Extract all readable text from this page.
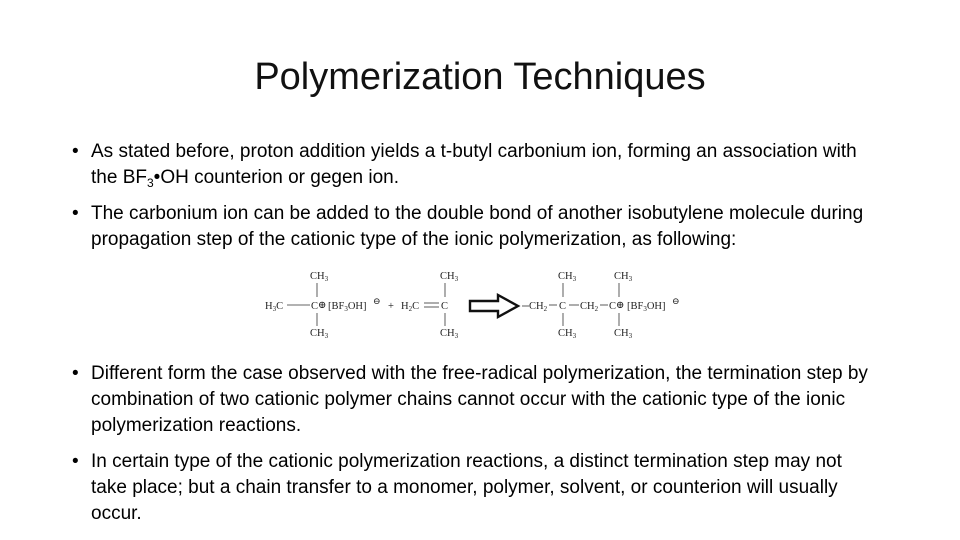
Polymerization Techniques
• As stated before, proton addition yields a t-butyl carbonium ion, forming an association with the $BF_3•OH$ counterion or gegen ion.
• The carbonium ion can be added to the double bond of another isobutylene molecule during propagation step of the cationic type of the ionic polymerization, as following:
• Different form the case observed with the free-radical polymerization, the termination step by combination of two cationic polymer chains cannot occur with the cationic type of the ionic polymerization reactions.
• In certain type of the cationic polymerization reactions, a distinct termination step may not take place; but a chain transfer to a monomer, polymer, solvent, or counterion will usually occur.
CH3
H3C	C ⊕ [BF3OH] ⊖
CH3
+ H2C C
CH3
CH3
CH2 C
CH3
CH3
CH2 C ⊕
CH3
CH3
[BF3OH] ⊖
